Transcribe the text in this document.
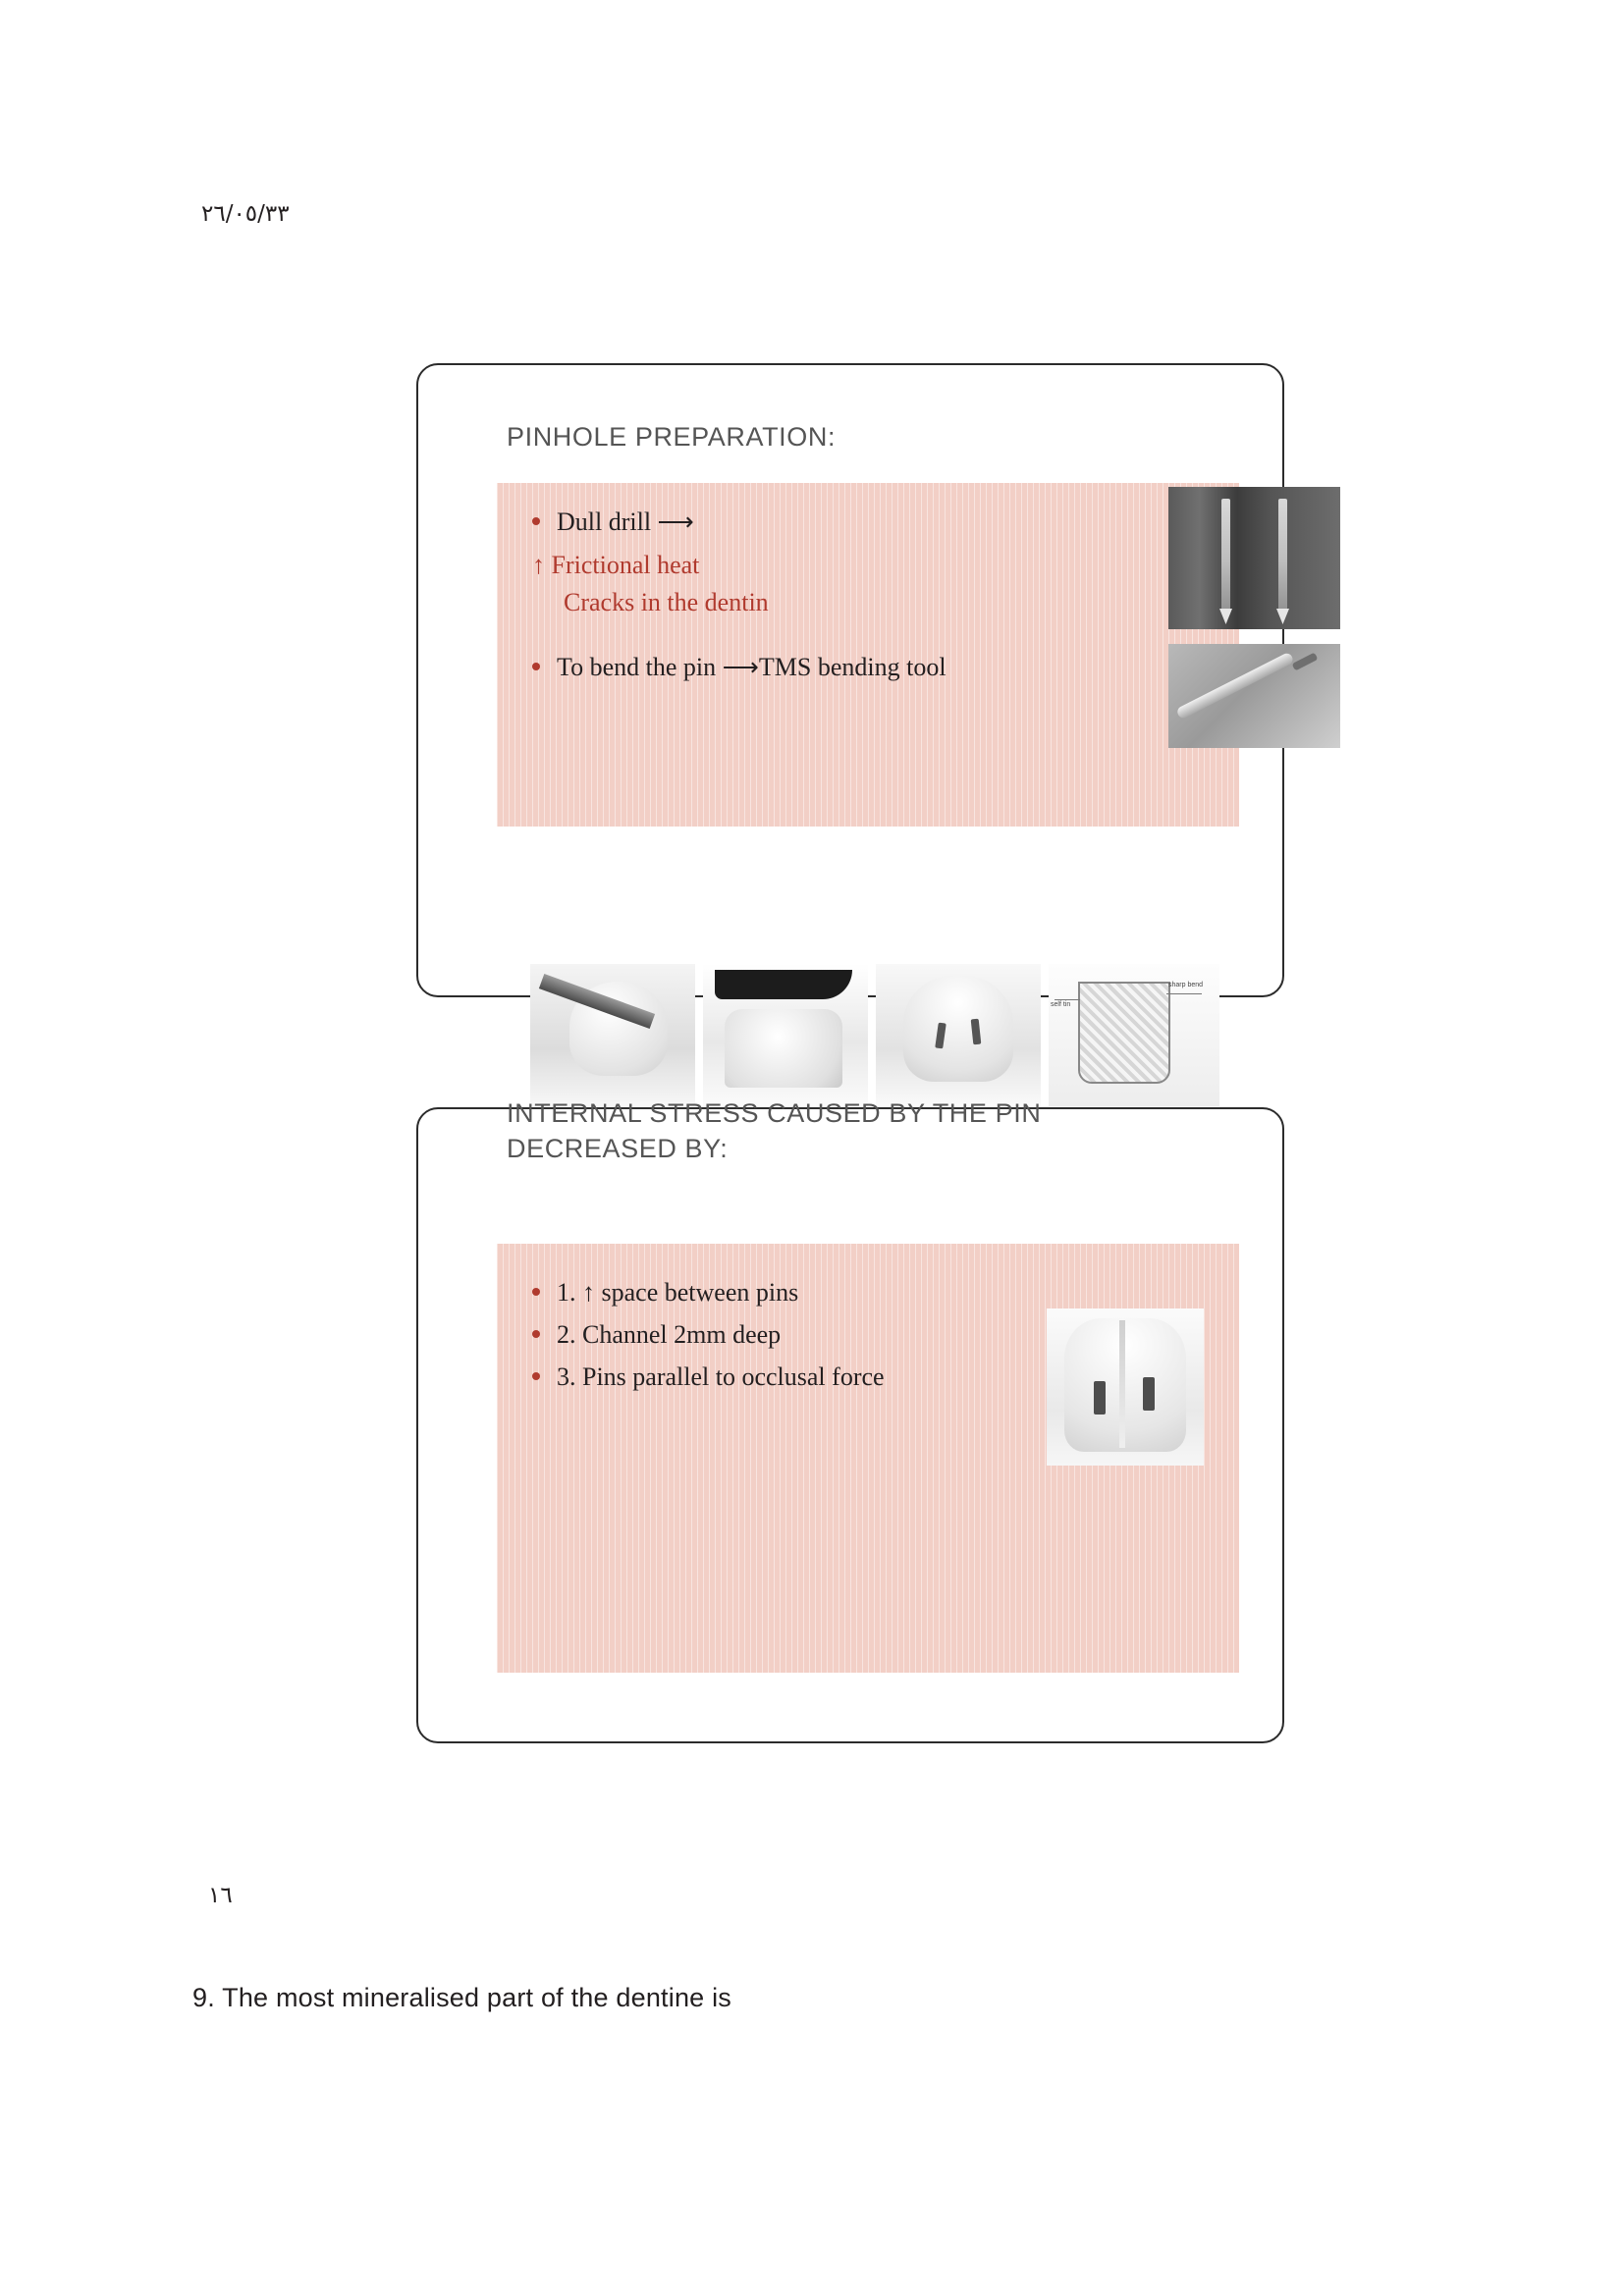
٢٦/٠٥/٣٣
PINHOLE PREPARATION:
Dull drill ⟶
↑ Frictional heat
Cracks in the dentin
To bend the pin ⟶TMS bending tool
self tin
sharp bend
INTERNAL STRESS CAUSED BY THE PIN DECREASED BY:
1. ↑ space between pins
2. Channel 2mm deep
3. Pins parallel to occlusal force
١٦
9. The most mineralised part of the dentine is
